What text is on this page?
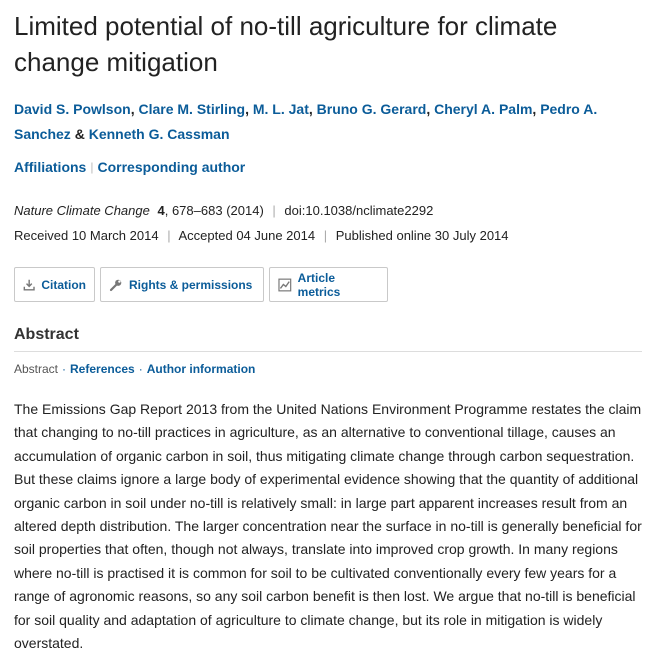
Limited potential of no-till agriculture for climate change mitigation
David S. Powlson, Clare M. Stirling, M. L. Jat, Bruno G. Gerard, Cheryl A. Palm, Pedro A. Sanchez & Kenneth G. Cassman
Affiliations | Corresponding author
Nature Climate Change 4, 678–683 (2014) | doi:10.1038/nclimate2292
Received 10 March 2014 | Accepted 04 June 2014 | Published online 30 July 2014
Citation	Rights & permissions	Article metrics
Abstract
Abstract · References · Author information

The Emissions Gap Report 2013 from the United Nations Environment Programme restates the claim that changing to no-till practices in agriculture, as an alternative to conventional tillage, causes an accumulation of organic carbon in soil, thus mitigating climate change through carbon sequestration. But these claims ignore a large body of experimental evidence showing that the quantity of additional organic carbon in soil under no-till is relatively small: in large part apparent increases result from an altered depth distribution. The larger concentration near the surface in no-till is generally beneficial for soil properties that often, though not always, translate into improved crop growth. In many regions where no-till is practised it is common for soil to be cultivated conventionally every few years for a range of agronomic reasons, so any soil carbon benefit is then lost. We argue that no-till is beneficial for soil quality and adaptation of agriculture to climate change, but its role in mitigation is widely overstated.
